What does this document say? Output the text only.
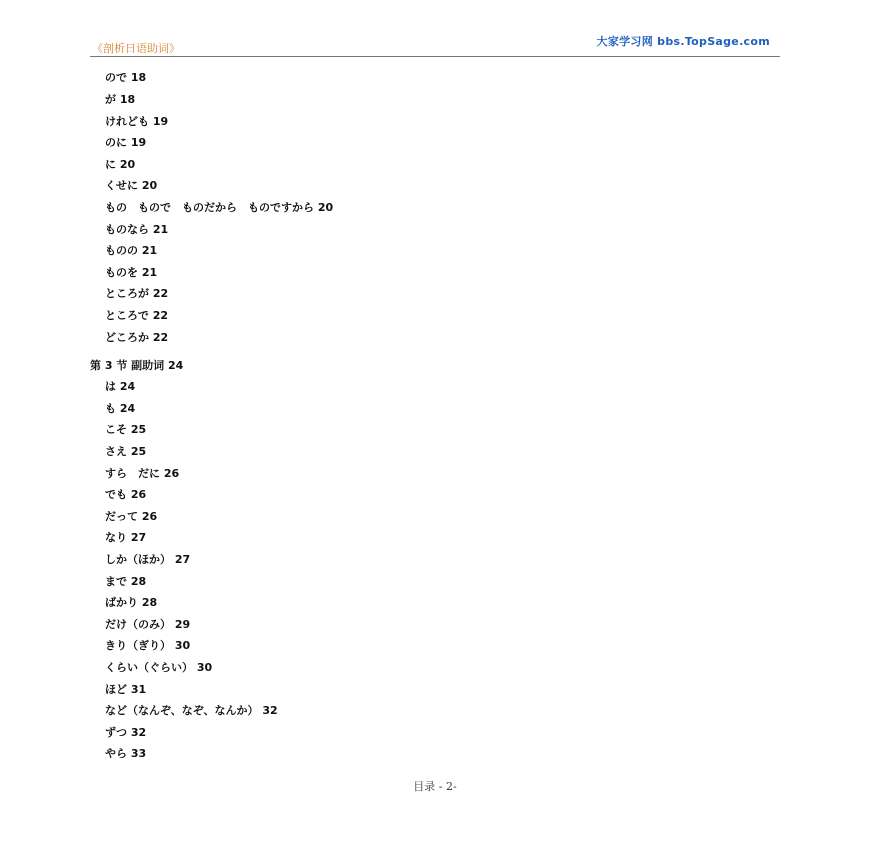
《剖析日语助词》
大家学习网 bbs.TopSage.com
ので 18
が 18
けれども 19
のに 19
に 20
くせに 20
もの　もので　ものだから　ものですから 20
ものなら 21
ものの 21
ものを 21
ところが 22
ところで 22
どころか 22
第 3 节 副助词 24
は 24
も 24
こそ 25
さえ 25
すら　だに 26
でも 26
だって 26
なり 27
しか（ほか） 27
まで 28
ばかり 28
だけ（のみ） 29
きり（ぎり） 30
くらい（ぐらい） 30
ほど 31
など（なんぞ、なぞ、なんか） 32
ずつ 32
やら 33
目录 - 2-
